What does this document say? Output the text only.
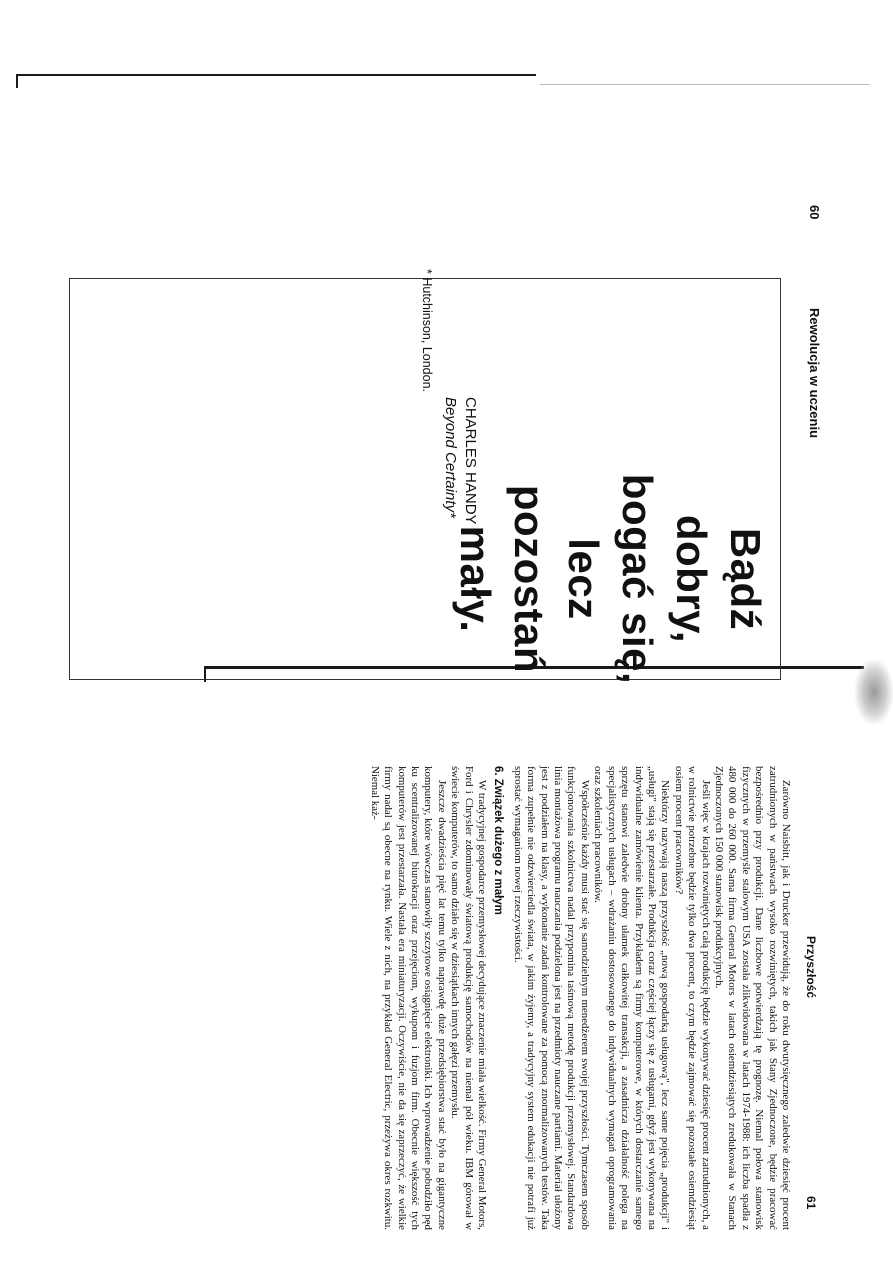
60
Rewolucja w uczeniu
Bądź
dobry,
bogać się,
lecz
pozostań
mały.
CHARLES HANDY
Beyond Certainty*
* Hutchinson, London.
Przyszłość
61

Zarówno Naisbitt, jak i Drucker przewidują, że do roku dwutysięcznego zaledwie dziesięć procent zatrudnionych w państwach wysoko rozwiniętych, takich jak Stany Zjednoczone, będzie pracować bezpośrednio przy produkcji. Dane liczbowe potwierdzają tę prognozę. Niemal połowa stanowisk fizycznych w przemyśle stalowym USA została zlikwidowana w latach 1974-1988: ich liczba spadła z 480 000 do 260 000. Sama firma General Motors w latach osiemdziesiątych zredukowała w Stanach Zjednoczonych 150 000 stanowisk produkcyjnych.

Jeśli więc w krajach rozwiniętych całą produkcję będzie wykonywać dziesięć procent zatrudnionych, a w rolnictwie potrzebne będzie tylko dwa procent, to czym będzie zajmować się pozostałe osiemdziesiąt osiem procent pracowników?

Niektórzy nazywają naszą przyszłość „nową gospodarką usługową", lecz same pojęcia „produkcji" i „usługi" stają się przestarzałe. Produkcja coraz częściej łączy się z usługami, gdyż jest wykonywana na indywidualne zamówienie klienta. Przykładem są firmy komputerowe, w których dostarczanie samego sprzętu stanowi zaledwie drobny ułamek całkowitej transakcji, a zasadnicza działalność polega na specjalistycznych usługach – wdrażaniu dostosowanego do indywidualnych wymagań oprogramowania oraz szkoleniach pracowników.

Współcześnie każdy musi stać się samodzielnym menedżerem swojej przyszłości. Tymczasem sposób funkcjonowania szkolnictwa nadal przypomina taśmową metodę produkcji przemysłowej. Standardowa linia montażowa programu nauczania podzielona jest na przedmioty nauczane partiami. Materiał ułożony jest z podziałem na klasy, a wykonanie zadań kontrolowane za pomocą znormalizowanych testów. Taka forma zupełnie nie odzwierciedla świata, w jakim żyjemy, a tradycyjny system edukacji nie potrafi już sprostać wymaganiom nowej rzeczywistości.

6. Związek dużego z małym

W tradycyjnej gospodarce przemysłowej decydujące znaczenie miała wielkość. Firmy General Motors, Ford i Chrysler zdominowały światową produkcję samochodów na niemal pół wieku. IBM górował w świecie komputerów, to samo działo się w dziesiątkach innych gałęzi przemysłu.

Jeszcze dwadzieścia pięć lat temu tylko naprawdę duże przedsiębiorstwa stać było na gigantyczne komputery, które wówczas stanowiły szczytowe osiągnięcie elektroniki. Ich wprowadzenie pobudziło pęd ku scentralizowanej biurokracji oraz przejęciom, wykupom i fuzjom firm. Obecnie większość tych komputerów jest przestarzała. Nastała era miniaturyzacji. Oczywiście, nie da się zaprzeczyć, że wielkie firmy nadal są obecne na rynku. Wiele z nich, na przykład General Electric, przeżywa okres rozkwitu. Niemal każ-
